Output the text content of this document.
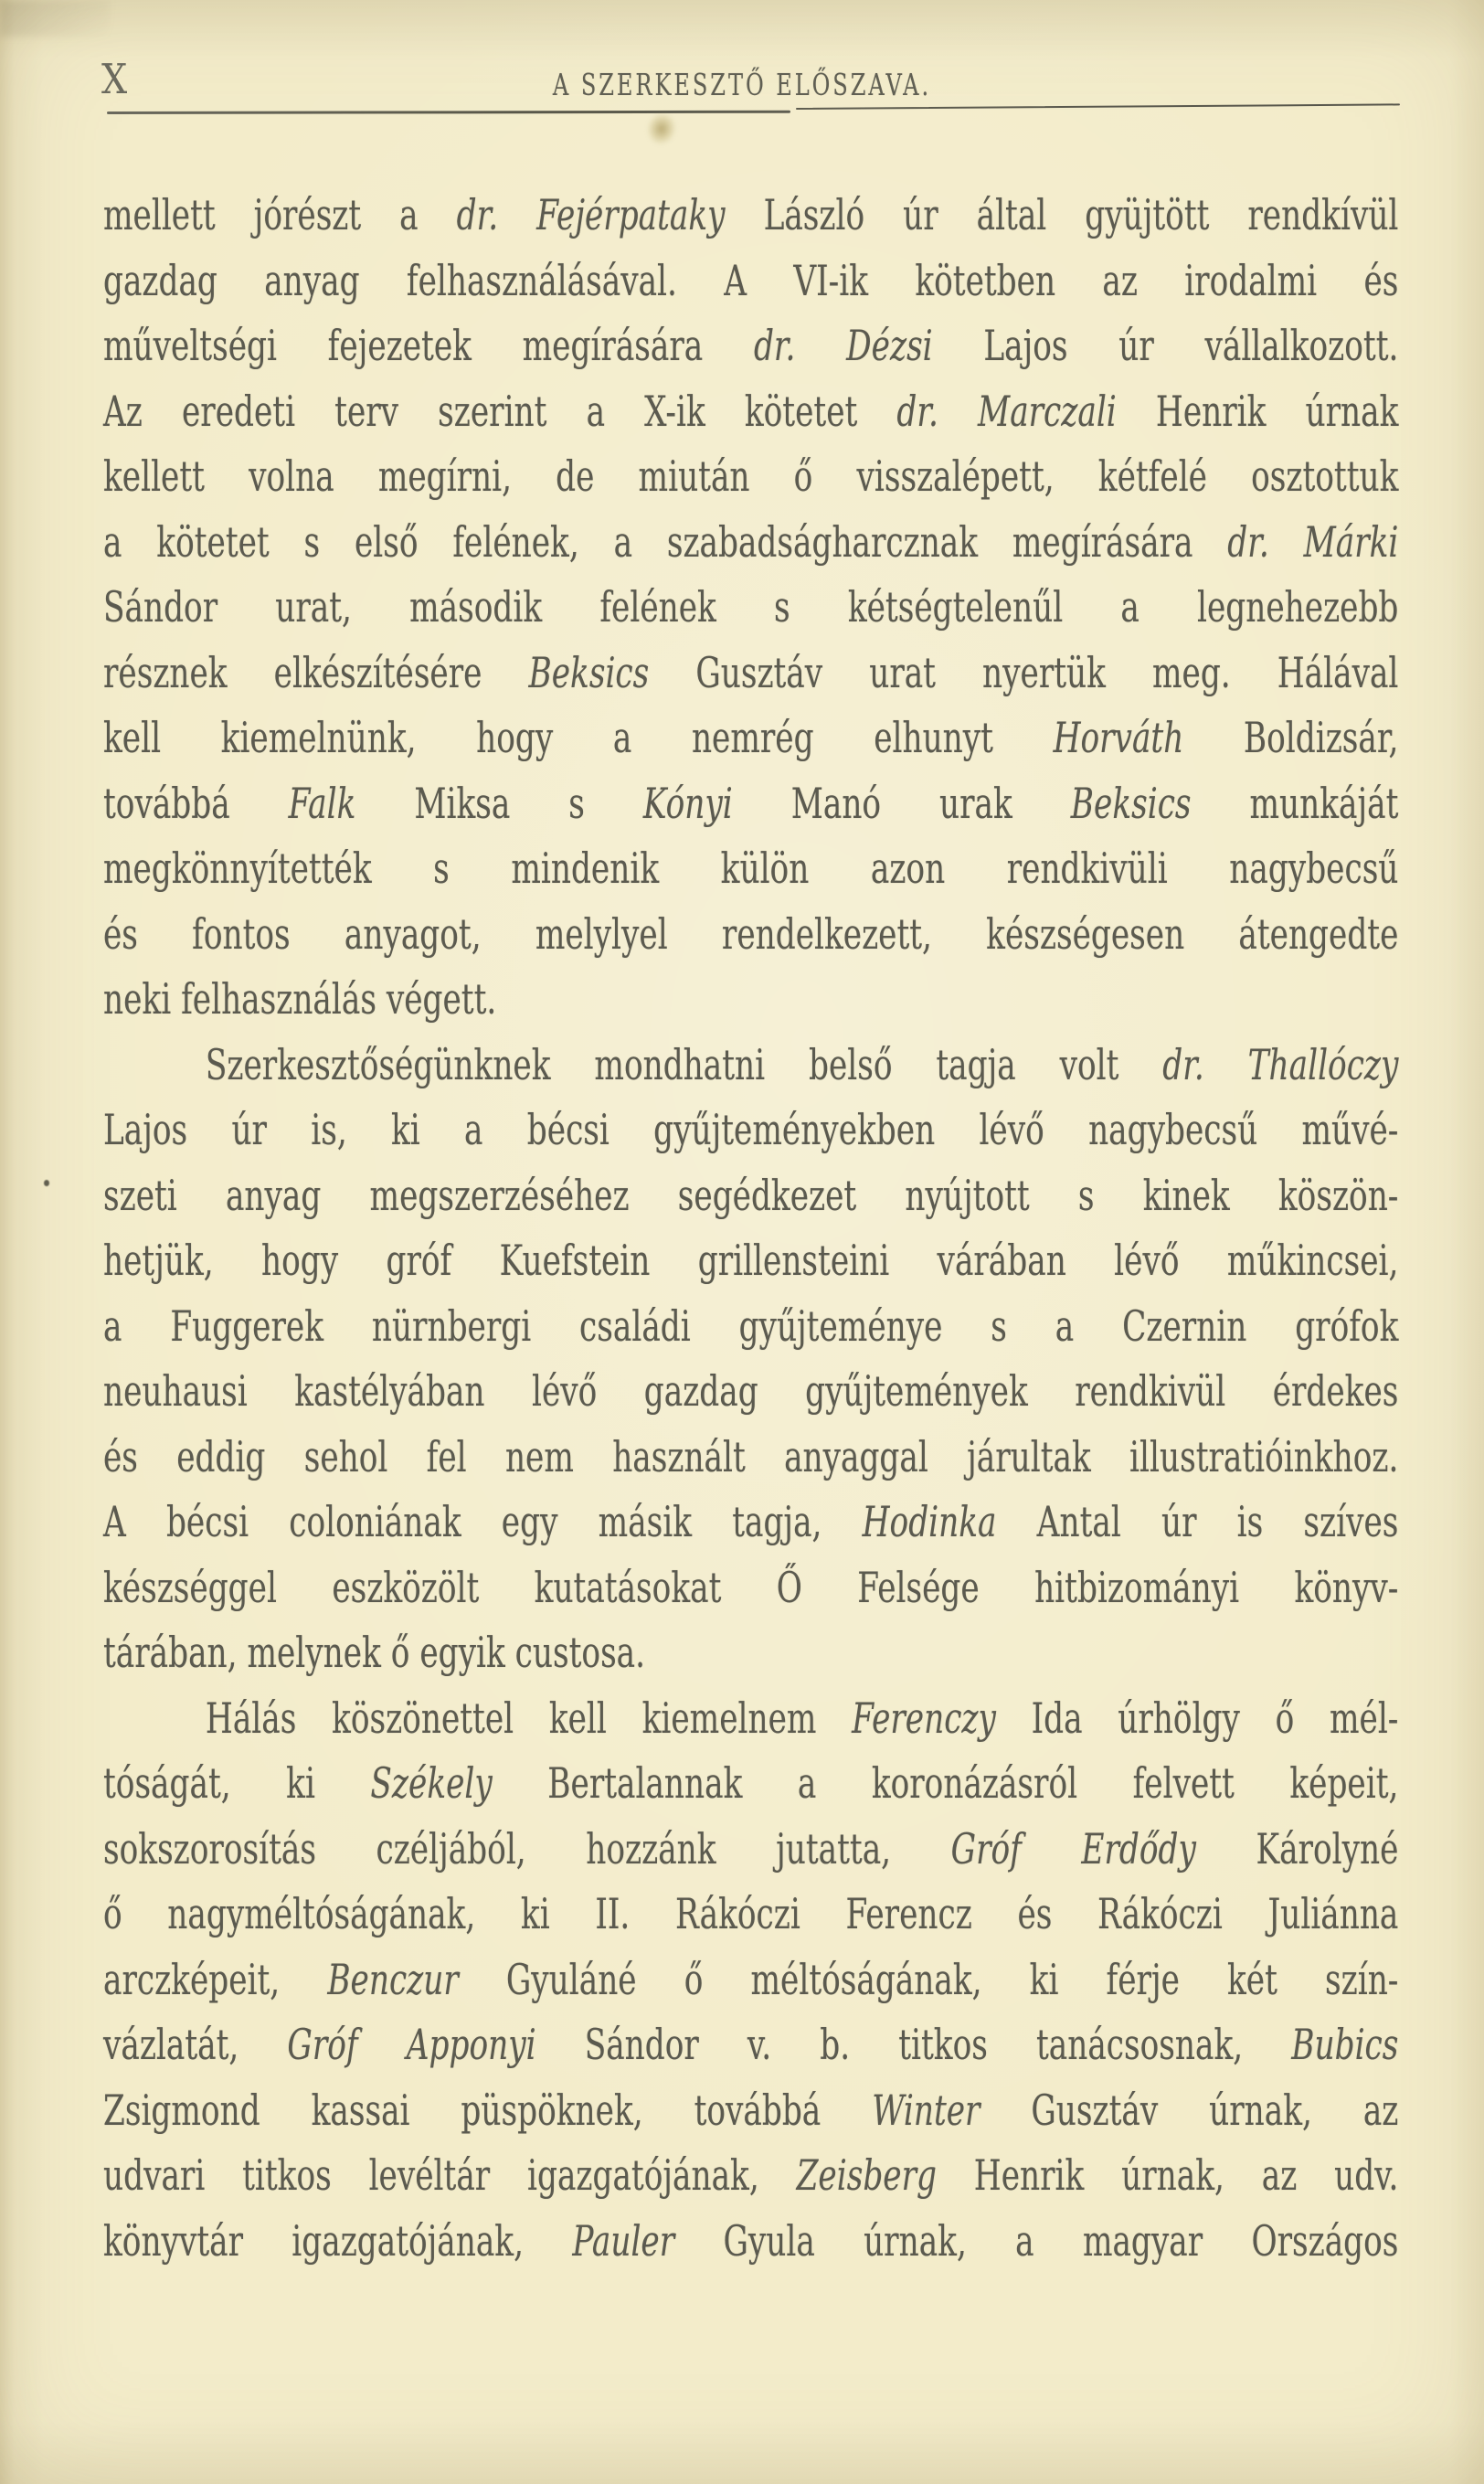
X	A SZERKESZTŐ ELŐSZAVA.
mellett jórészt a dr. Fejérpataky László úr által gyüjtött rendkívül
gazdag anyag felhasználásával. A VI-ik kötetben az irodalmi és
műveltségi fejezetek megírására dr. Dézsi Lajos úr vállalkozott.
Az eredeti terv szerint a X-ik kötetet dr. Marczali Henrik úrnak
kellett volna megírni, de miután ő visszalépett, kétfelé osztottuk
a kötetet s első felének, a szabadságharcznak megírására dr. Márki
Sándor urat, második felének s kétségtelenűl a legnehezebb
résznek elkészítésére Beksics Gusztáv urat nyertük meg. Hálával
kell kiemelnünk, hogy a nemrég elhunyt Horváth Boldizsár,
továbbá Falk Miksa s Kónyi Manó urak Beksics munkáját
megkönnyítették s mindenik külön azon rendkivüli nagybecsű
és fontos anyagot, melylyel rendelkezett, készségesen átengedte
neki felhasználás végett.
Szerkesztőségünknek mondhatni belső tagja volt dr. Thallóczy
Lajos úr is, ki a bécsi gyűjteményekben lévő nagybecsű művé-
szeti anyag megszerzéséhez segédkezet nyújtott s kinek köszön-
hetjük, hogy gróf Kuefstein grillensteini várában lévő műkincsei,
a Fuggerek nürnbergi családi gyűjteménye s a Czernin grófok
neuhausi kastélyában lévő gazdag gyűjtemények rendkivül érdekes
és eddig sehol fel nem használt anyaggal járultak illustratióinkhoz.
A bécsi coloniának egy másik tagja, Hodinka Antal úr is szíves
készséggel eszközölt kutatásokat Ő Felsége hitbizományi könyv-
tárában, melynek ő egyik custosa.
Hálás köszönettel kell kiemelnem Ferenczy Ida úrhölgy ő mél-
tóságát, ki Székely Bertalannak a koronázásról felvett képeit,
sokszorosítás czéljából, hozzánk jutatta, Gróf Erdődy Károlyné
ő nagyméltóságának, ki II. Rákóczi Ferencz és Rákóczi Juliánna
arczképeit, Benczur Gyuláné ő méltóságának, ki férje két szín-
vázlatát, Gróf Apponyi Sándor v. b. titkos tanácsosnak, Bubics
Zsigmond kassai püspöknek, továbbá Winter Gusztáv úrnak, az
udvari titkos levéltár igazgatójának, Zeisberg Henrik úrnak, az udv.
könyvtár igazgatójának, Pauler Gyula úrnak, a magyar Országos
